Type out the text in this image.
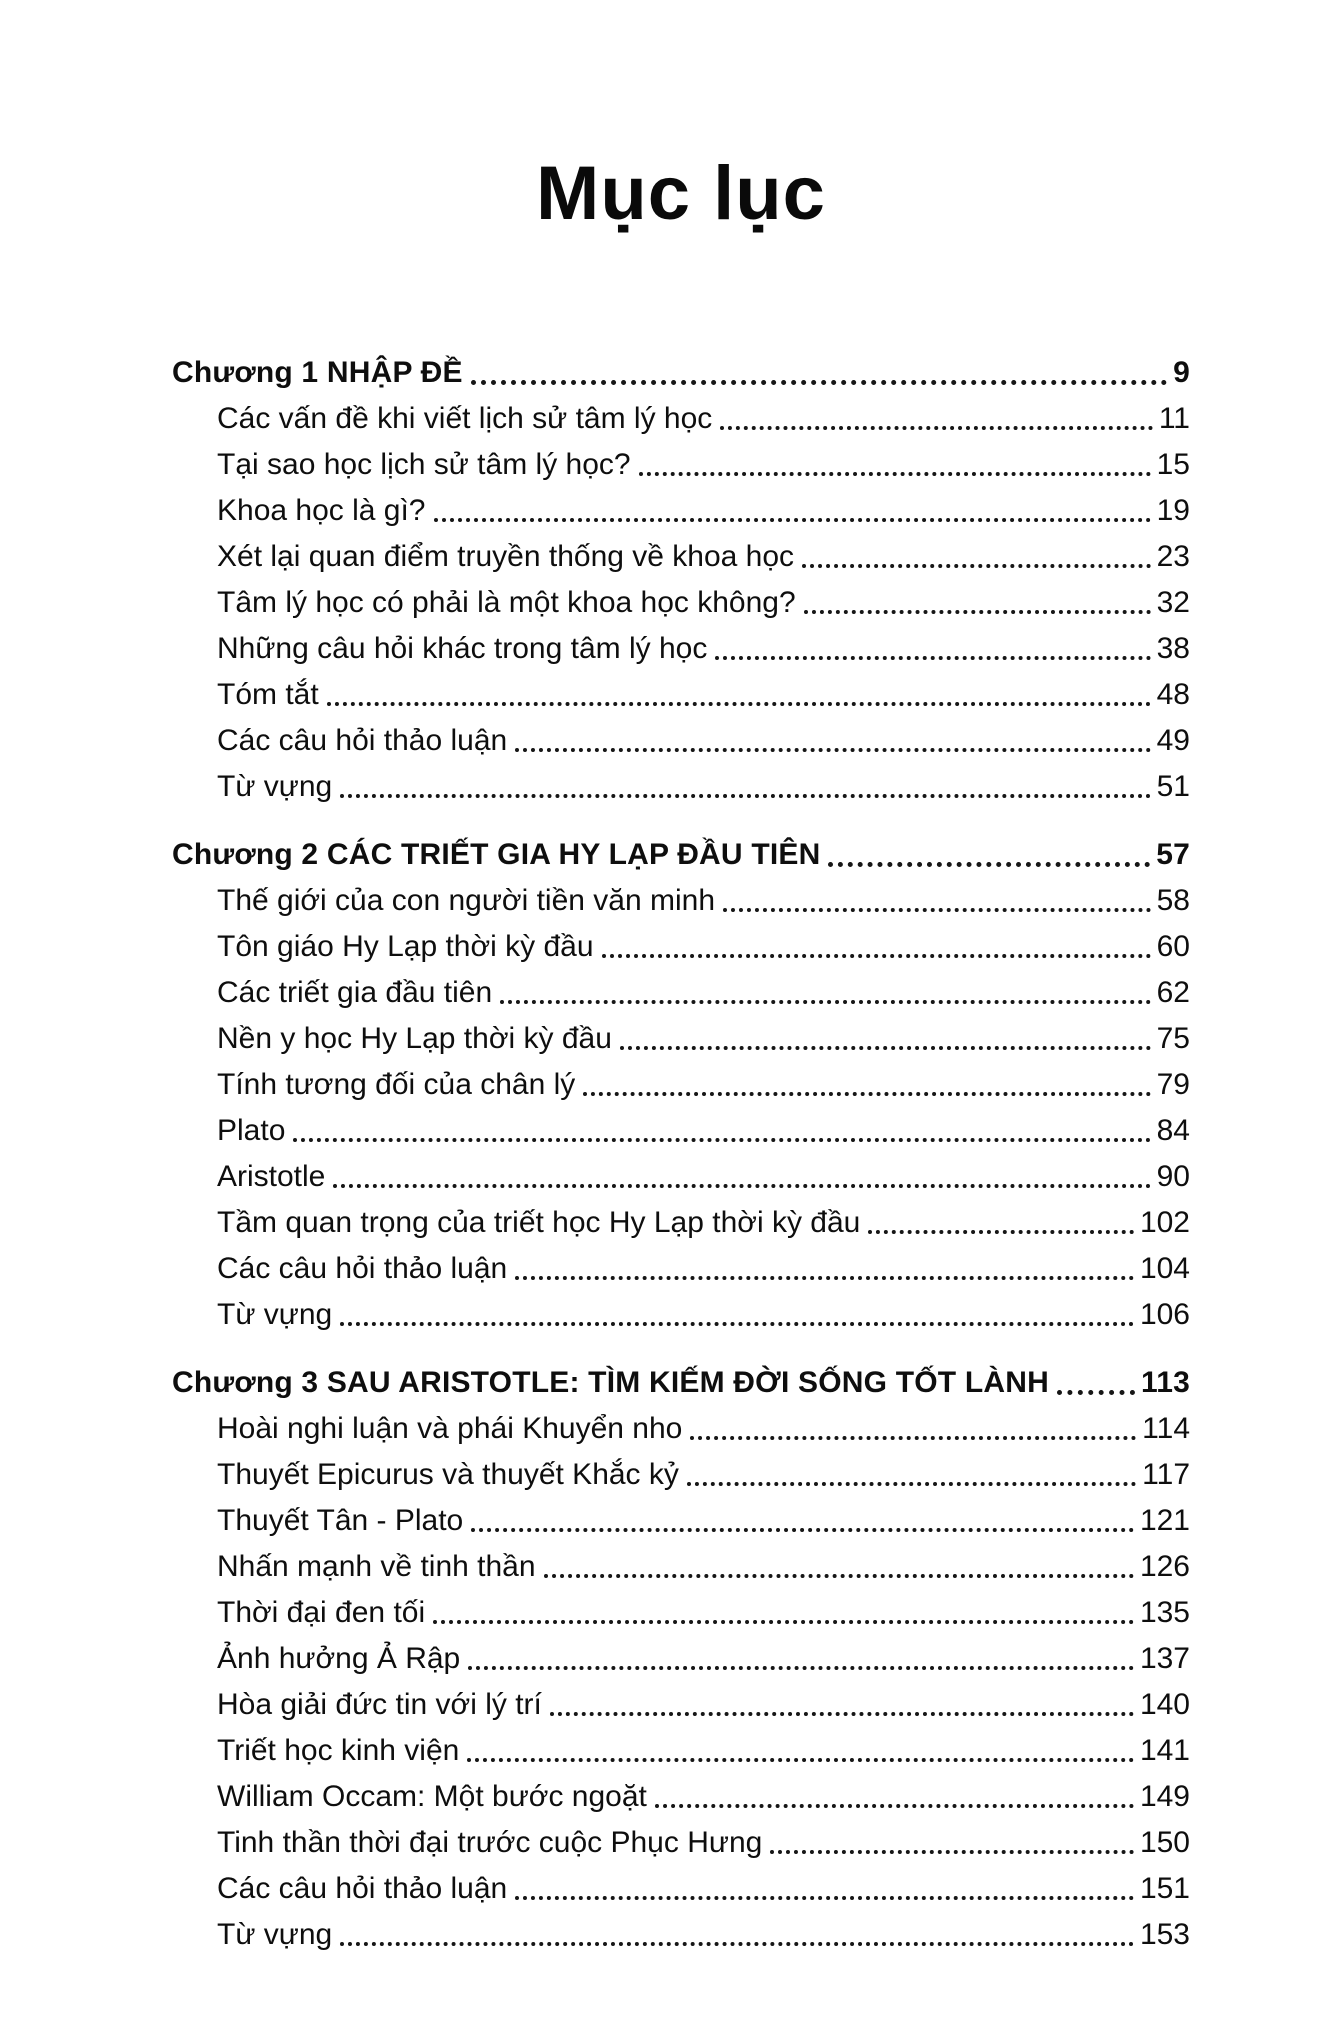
Mục lục
Chương 1 NHẬP ĐỀ	9
Các vấn đề khi viết lịch sử tâm lý học	11
Tại sao học lịch sử tâm lý học?	15
Khoa học là gì?	19
Xét lại quan điểm truyền thống về khoa học	23
Tâm lý học có phải là một khoa học không?	32
Những câu hỏi khác trong tâm lý học	38
Tóm tắt	48
Các câu hỏi thảo luận	49
Từ vựng	51
Chương 2 CÁC TRIẾT GIA HY LẠP ĐẦU TIÊN	57
Thế giới của con người tiền văn minh	58
Tôn giáo Hy Lạp thời kỳ đầu	60
Các triết gia đầu tiên	62
Nền y học Hy Lạp thời kỳ đầu	75
Tính tương đối của chân lý	79
Plato	84
Aristotle	90
Tầm quan trọng của triết học Hy Lạp thời kỳ đầu	102
Các câu hỏi thảo luận	104
Từ vựng	106
Chương 3 SAU ARISTOTLE: TÌM KIẾM ĐỜI SỐNG TỐT LÀNH	113
Hoài nghi luận và phái Khuyển nho	114
Thuyết Epicurus và thuyết Khắc kỷ	117
Thuyết Tân - Plato	121
Nhấn mạnh về tinh thần	126
Thời đại đen tối	135
Ảnh hưởng Ả Rập	137
Hòa giải đức tin với lý trí	140
Triết học kinh viện	141
William Occam: Một bước ngoặt	149
Tinh thần thời đại trước cuộc Phục Hưng	150
Các câu hỏi thảo luận	151
Từ vựng	153
